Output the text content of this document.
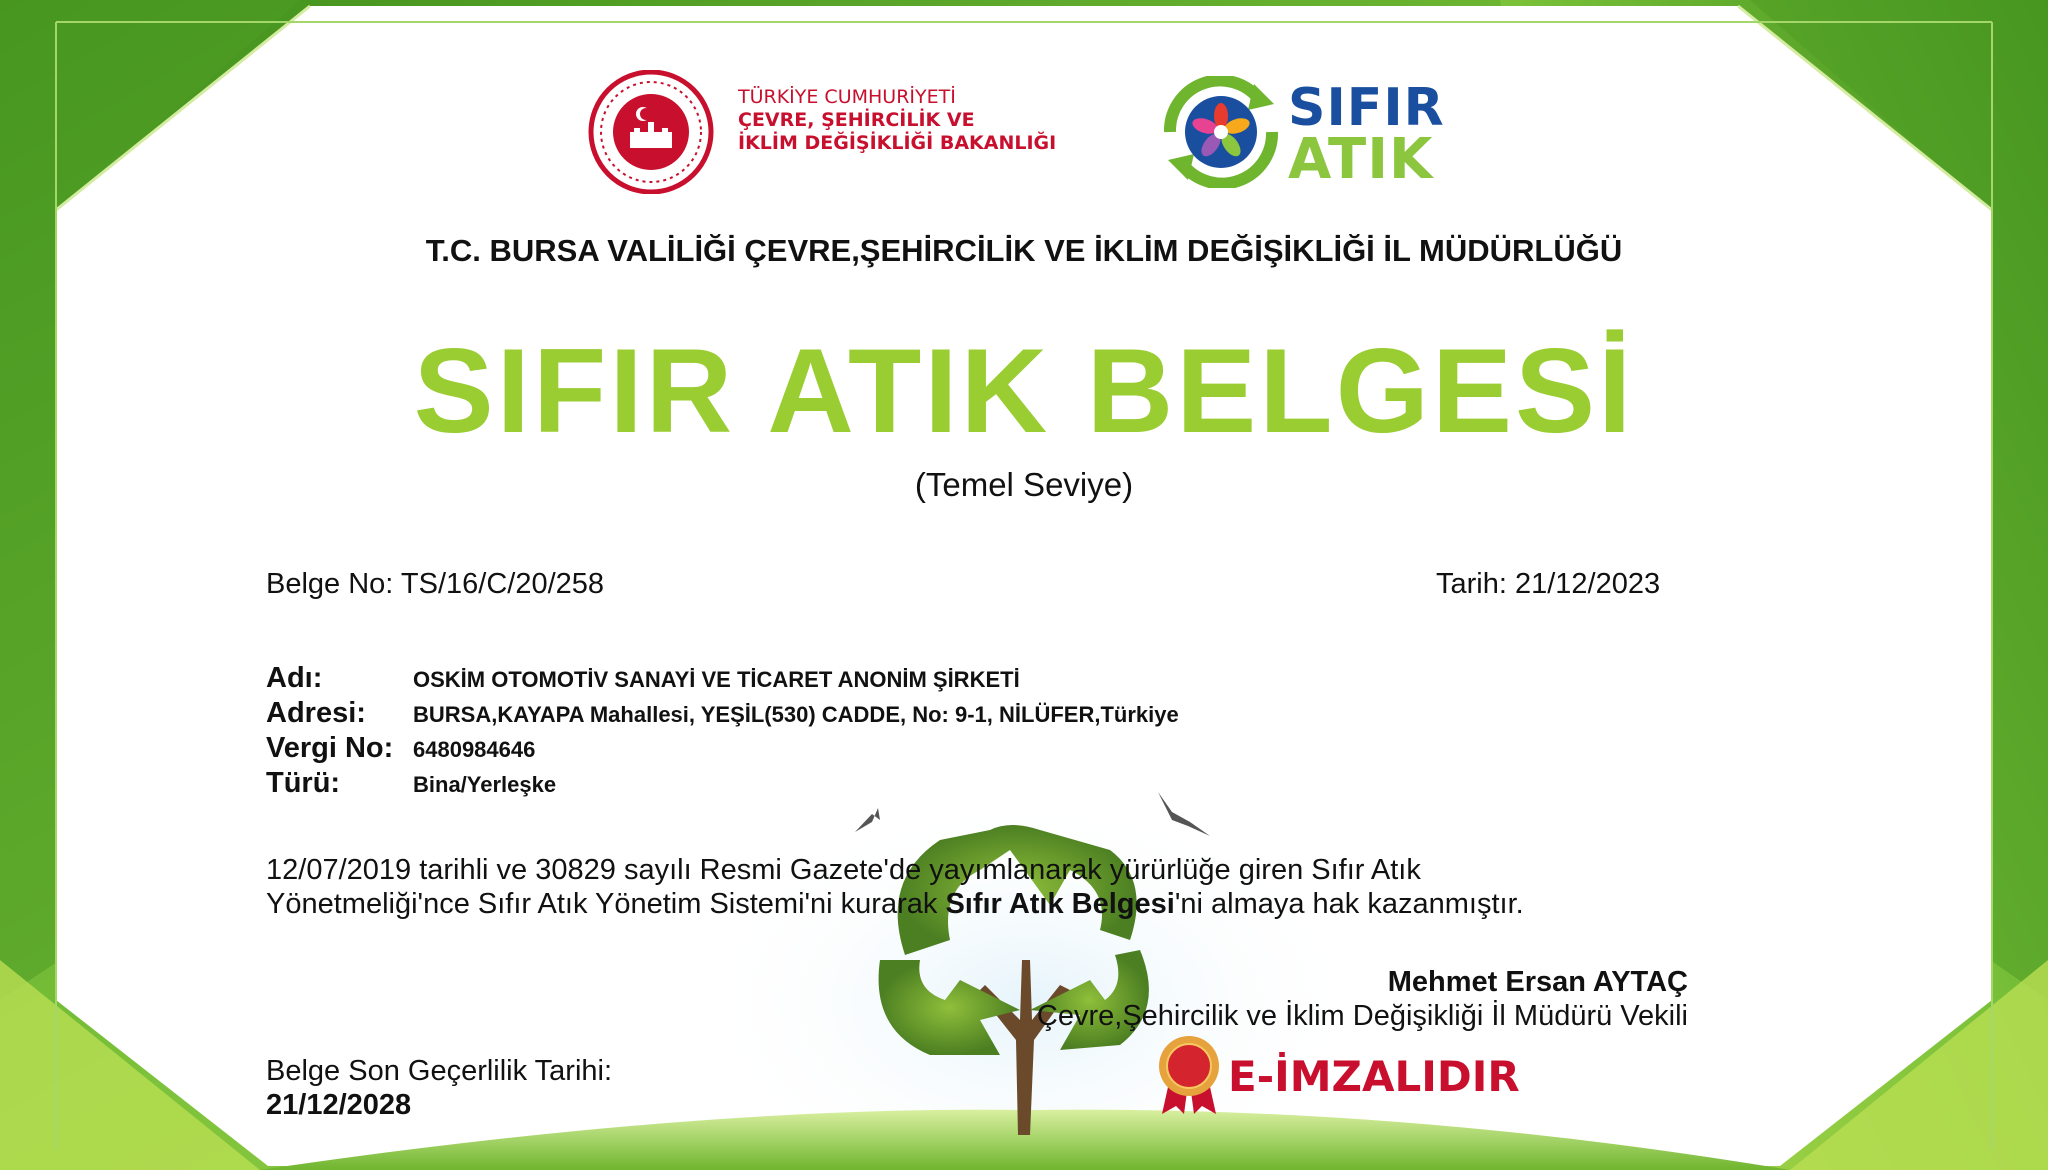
TÜRKİYE CUMHURİYETİ
ÇEVRE, ŞEHİRCİLİK VE
İKLİM DEĞİŞİKLİĞİ BAKANLIĞI
SIFIR
ATIK
T.C. BURSA VALİLİĞİ ÇEVRE,ŞEHİRCİLİK VE İKLİM DEĞİŞİKLİĞİ İL MÜDÜRLÜĞÜ
SIFIR ATIK BELGESİ
(Temel Seviye)
Belge No: TS/16/C/20/258	Tarih: 21/12/2023
Adı:	OSKİM OTOMOTİV SANAYİ VE TİCARET ANONİM ŞİRKETİ
Adresi: BURSA,KAYAPA Mahallesi, YEŞİL(530) CADDE, No: 9-1, NİLÜFER,Türkiye
Vergi No: 6480984646
Türü:	Bina/Yerleşke
12/07/2019 tarihli ve 30829 sayılı Resmi Gazete'de yayımlanarak yürürlüğe giren Sıfır Atık
Yönetmeliği'nce Sıfır Atık Yönetim Sistemi'ni kurarak Sıfır Atık Belgesi'ni almaya hak kazanmıştır.
Mehmet Ersan AYTAÇ
Çevre,Şehircilik ve İklim Değişikliği İl Müdürü Vekili
E-İMZALIDIR
Belge Son Geçerlilik Tarihi:
21/12/2028
